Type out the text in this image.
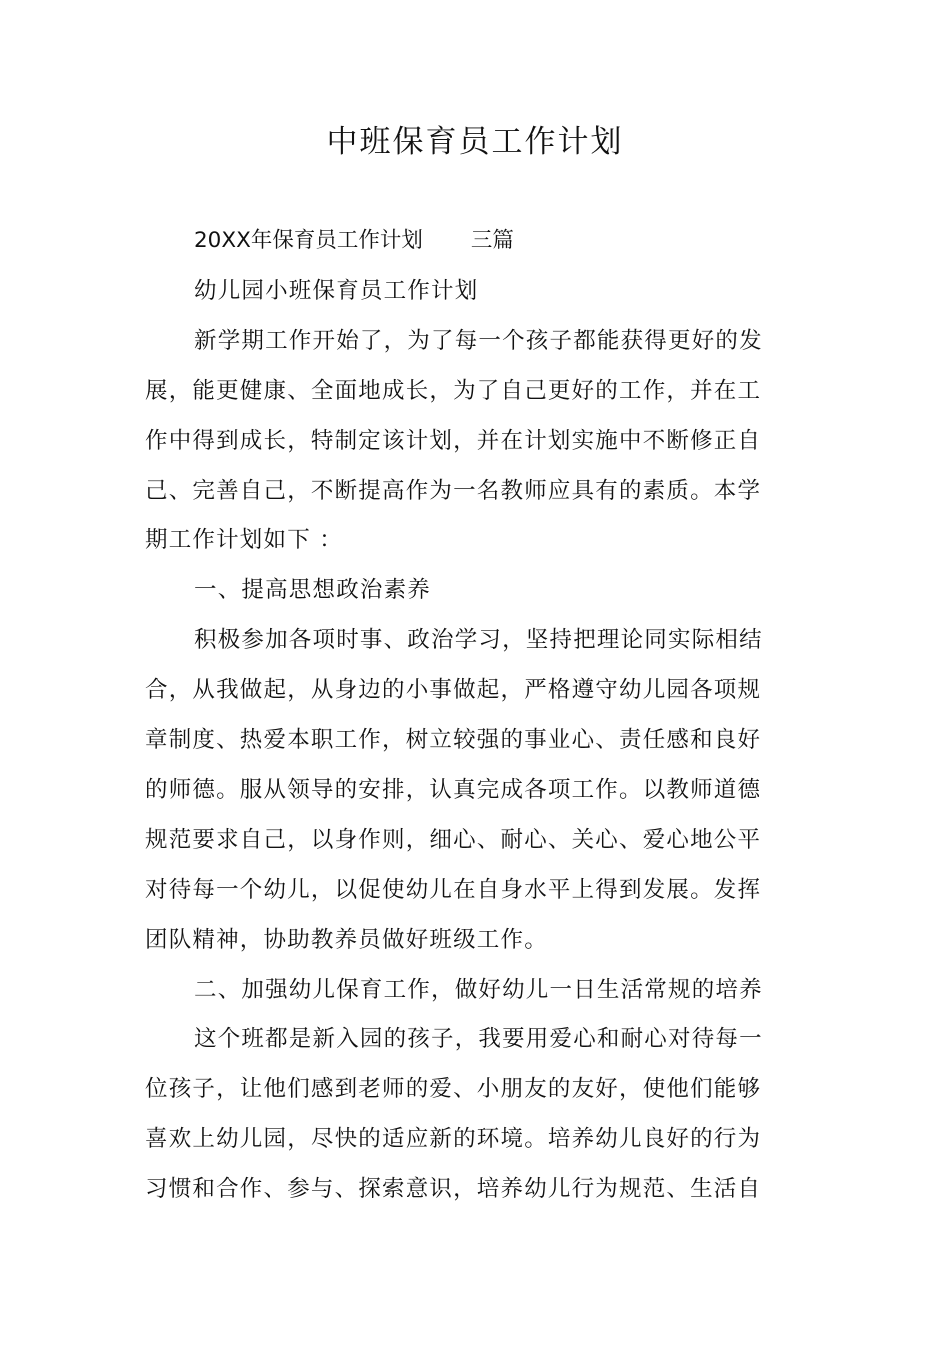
中班保育员工作计划
20XX年保育员工作计划 三篇
幼儿园小班保育员工作计划
新学期工作开始了，为了每一个孩子都能获得更好的发
展，能更健康、全面地成长，为了自己更好的工作，并在工
作中得到成长，特制定该计划，并在计划实施中不断修正自
己、完善自己，不断提高作为一名教师应具有的素质。本学
期工作计划如下 ：
一、提高思想政治素养
积极参加各项时事、政治学习，坚持把理论同实际相结
合，从我做起，从身边的小事做起，严格遵守幼儿园各项规
章制度、热爱本职工作，树立较强的事业心、责任感和良好
的师德。服从领导的安排，认真完成各项工作。以教师道德
规范要求自己，以身作则，细心、耐心、关心、爱心地公平
对待每一个幼儿，以促使幼儿在自身水平上得到发展。发挥
团队精神，协助教养员做好班级工作。
二、加强幼儿保育工作，做好幼儿一日生活常规的培养
这个班都是新入园的孩子，我要用爱心和耐心对待每一
位孩子，让他们感到老师的爱、小朋友的友好，使他们能够
喜欢上幼儿园，尽快的适应新的环境。培养幼儿良好的行为
习惯和合作、参与、探索意识，培养幼儿行为规范、生活自
